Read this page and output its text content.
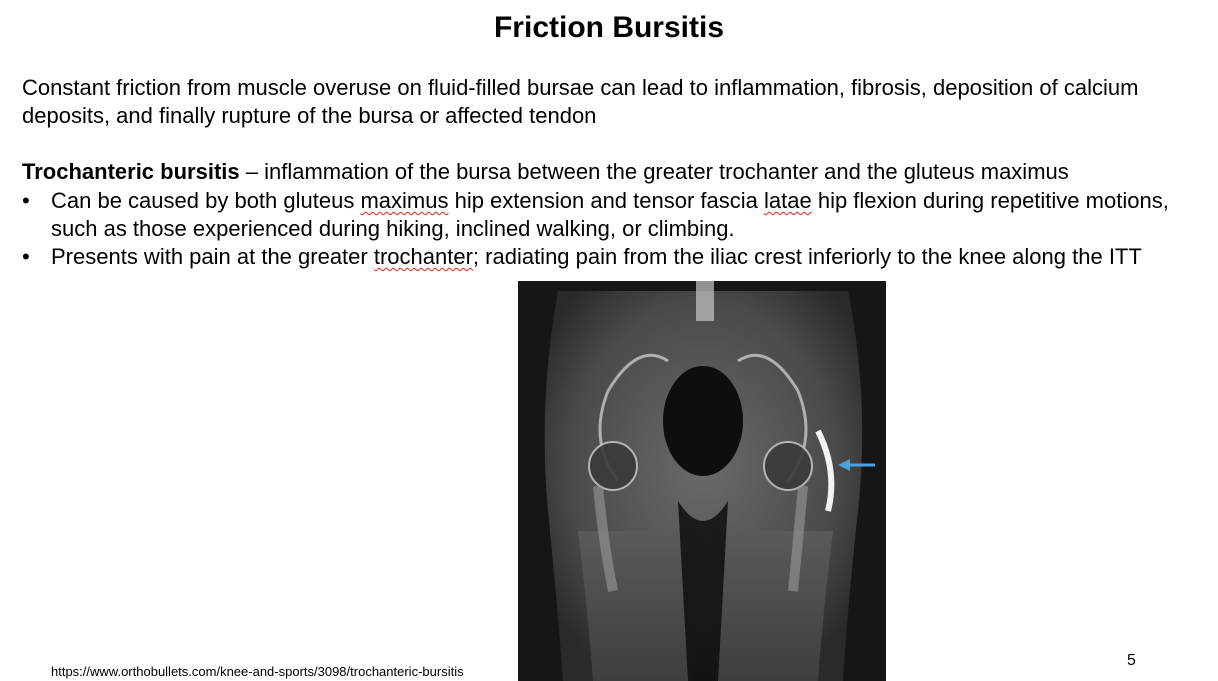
Friction Bursitis

Constant friction from muscle overuse on fluid-filled bursae can lead to inflammation, fibrosis, deposition of calcium deposits, and finally rupture of the bursa or affected tendon

Trochanteric bursitis – inflammation of the bursa between the greater trochanter and the gluteus maximus

• Can be caused by both gluteus maximus hip extension and tensor fascia latae hip flexion during repetitive motions, such as those experienced during hiking, inclined walking, or climbing.
• Presents with pain at the greater trochanter; radiating pain from the iliac crest inferiorly to the knee along the ITT
https://www.orthobullets.com/knee-and-sports/3098/trochanteric-bursitis
5
